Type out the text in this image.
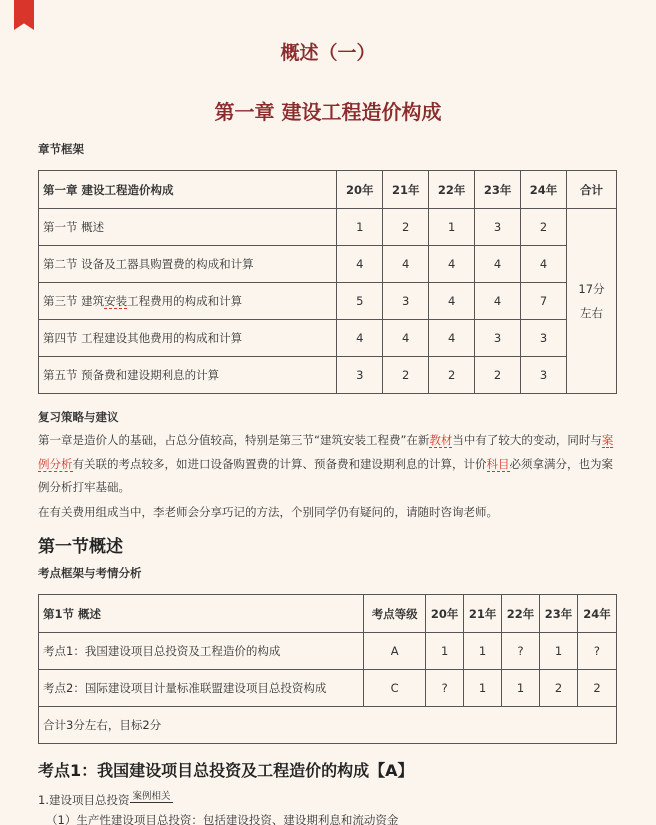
概述（一）
第一章 建设工程造价构成
章节框架
第一章 建设工程造价构成	20年	21年	22年	23年	24年	合计
第一节 概述	1	2	1	3	2	17分
左右

第二节 设备及工器具购置费的构成和计算	4	4	4	4	4	
第三节 建筑安装工程费用的构成和计算	5	3	4	4	7	
第四节 工程建设其他费用的构成和计算	4	4	4	3	3	
第五节 预备费和建设期利息的计算	3	2	2	2	3	
复习策略与建议
第一章是造价人的基础，占总分值较高，特别是第三节“建筑安装工程费”在新教材当中有了较大的变动，同时与案例分析有关联的考点较多，如进口设备购置费的计算、预备费和建设期利息的计算，计价科目必须拿满分，也为案例分析打牢基础。
在有关费用组成当中，李老师会分享巧记的方法，个别同学仍有疑问的，请随时咨询老师。
第一节概述
考点框架与考情分析
第1节 概述	考点等级	20年	21年	22年	23年	24年
考点1：我国建设项目总投资及工程造价的构成	A	1	1	?	1	?
考点2：国际建设项目计量标准联盟建设项目总投资构成	C	?	1	1	2	2
合计3分左右，目标2分						
考点1：我国建设项目总投资及工程造价的构成【A】
1.建设项目总投资 案例相关
（1）生产性建设项目总投资：包括建设投资、建设期利息和流动资金
